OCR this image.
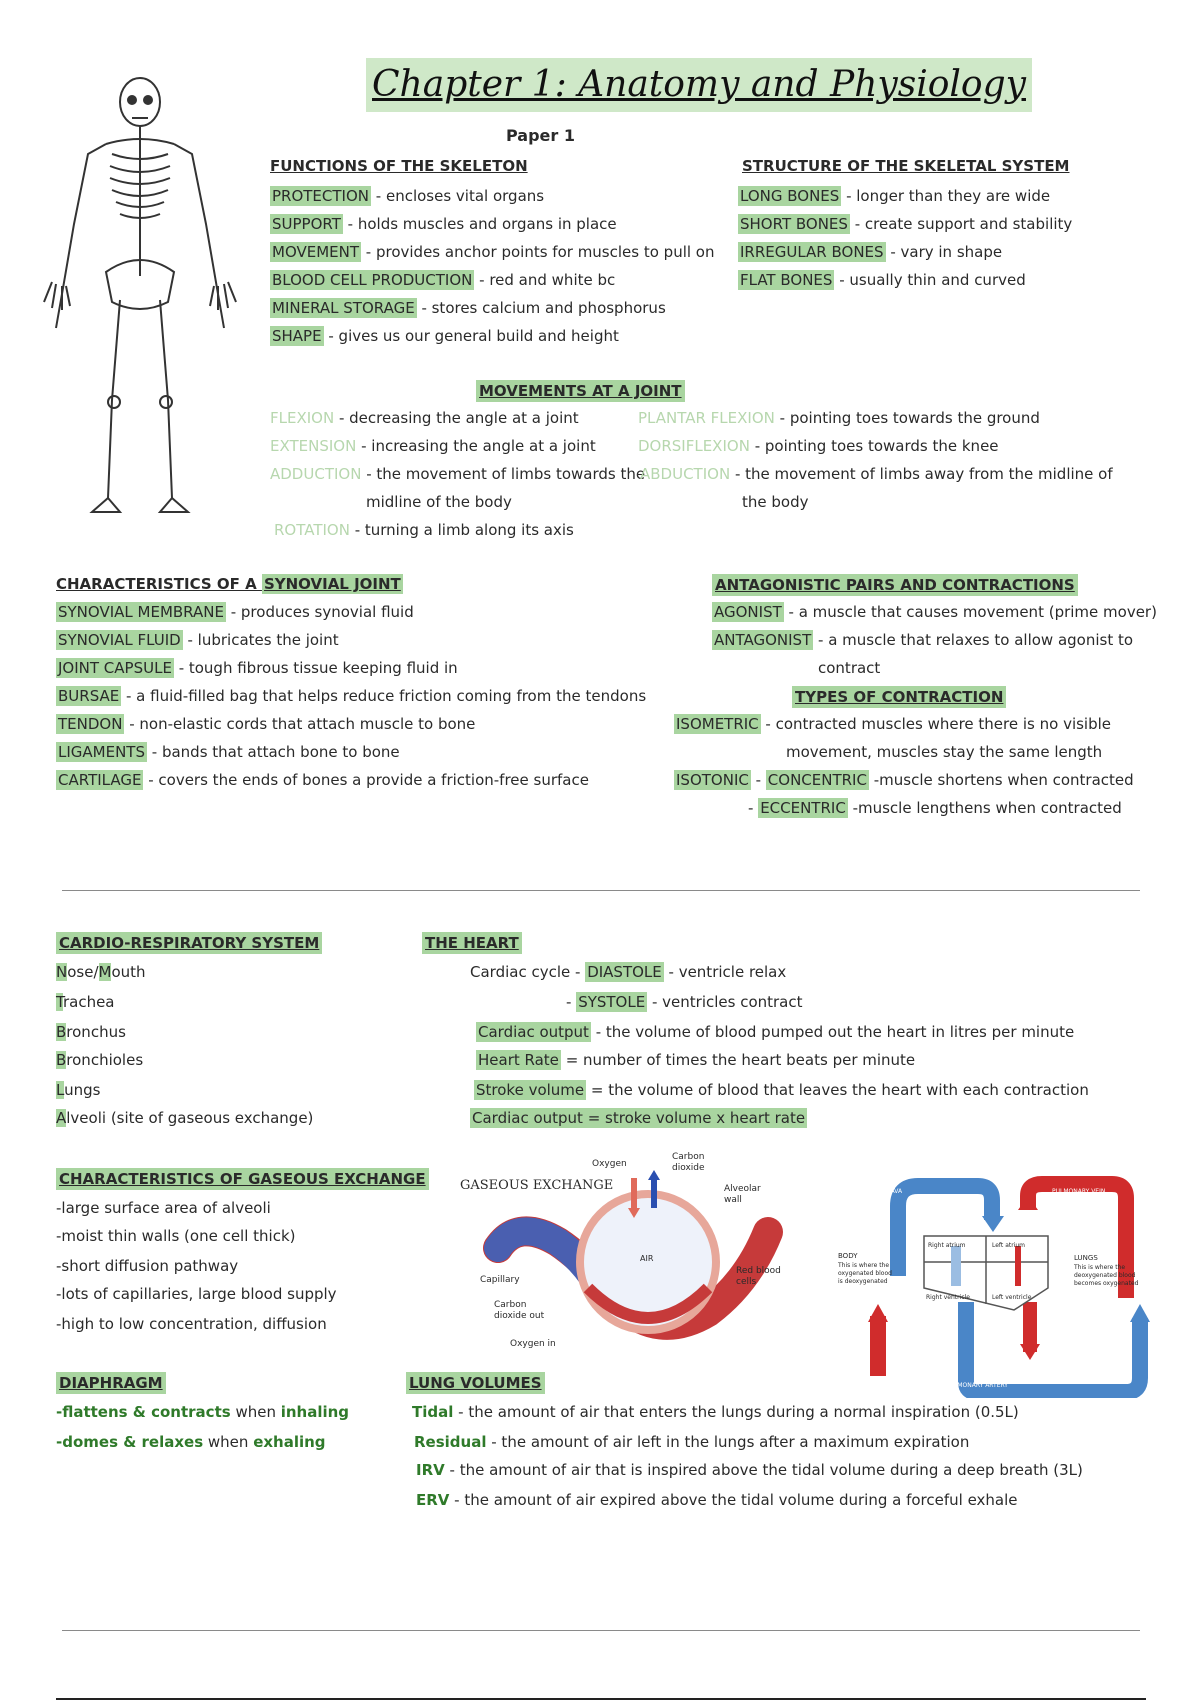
Chapter 1: Anatomy and Physiology
Paper 1
FUNCTIONS OF THE SKELETON
PROTECTION - encloses vital organs
SUPPORT - holds muscles and organs in place
MOVEMENT - provides anchor points for muscles to pull on
BLOOD CELL PRODUCTION - red and white bc
MINERAL STORAGE - stores calcium and phosphorus
SHAPE - gives us our general build and height
STRUCTURE OF THE SKELETAL SYSTEM
LONG BONES - longer than they are wide
SHORT BONES - create support and stability
IRREGULAR BONES - vary in shape
FLAT BONES - usually thin and curved
MOVEMENTS AT A JOINT
FLEXION - decreasing the angle at a joint
EXTENSION - increasing the angle at a joint
ADDUCTION - the movement of limbs towards the
midline of the body
ROTATION - turning a limb along its axis
PLANTAR FLEXION - pointing toes towards the ground
DORSIFLEXION - pointing toes towards the knee
ABDUCTION - the movement of limbs away from the midline of
the body
CHARACTERISTICS OF A SYNOVIAL JOINT
SYNOVIAL MEMBRANE - produces synovial fluid
SYNOVIAL FLUID - lubricates the joint
JOINT CAPSULE - tough fibrous tissue keeping fluid in
BURSAE - a fluid-filled bag that helps reduce friction coming from the tendons
TENDON - non-elastic cords that attach muscle to bone
LIGAMENTS - bands that attach bone to bone
CARTILAGE - covers the ends of bones a provide a friction-free surface
ANTAGONISTIC PAIRS AND CONTRACTIONS
AGONIST - a muscle that causes movement (prime mover)
ANTAGONIST - a muscle that relaxes to allow agonist to
contract
TYPES OF CONTRACTION
ISOMETRIC - contracted muscles where there is no visible
movement, muscles stay the same length
ISOTONIC - CONCENTRIC -muscle shortens when contracted
- ECCENTRIC -muscle lengthens when contracted
CARDIO-RESPIRATORY SYSTEM
Nose/Mouth
Trachea
Bronchus
Bronchioles
Lungs
Alveoli (site of gaseous exchange)
THE HEART
Cardiac cycle - DIASTOLE - ventricle relax
- SYSTOLE - ventricles contract
Cardiac output - the volume of blood pumped out the heart in litres per minute
Heart Rate = number of times the heart beats per minute
Stroke volume = the volume of blood that leaves the heart with each contraction
Cardiac output = stroke volume x heart rate
CHARACTERISTICS OF GASEOUS EXCHANGE
-large surface area of alveoli
-moist thin walls (one cell thick)
-short diffusion pathway
-lots of capillaries, large blood supply
-high to low concentration, diffusion
GASEOUS EXCHANGE
Oxygen
Carbon dioxide
Alveolar wall
AIR
Capillary
Red blood cells
Carbon dioxide out
Oxygen in
VENA CAVA	PULMONARY VEIN
BODY
This is where the oxygenated blood is deoxygenated
LUNGS
This is where the deoxygenated blood becomes oxygenated
Right atrium	Left atrium
Right ventricle	Left ventricle
AORTA	PULMONARY ARTERY
DIAPHRAGM
-flattens & contracts when inhaling
-domes & relaxes when exhaling
LUNG VOLUMES
Tidal - the amount of air that enters the lungs during a normal inspiration (0.5L)
Residual - the amount of air left in the lungs after a maximum expiration
IRV - the amount of air that is inspired above the tidal volume during a deep breath (3L)
ERV - the amount of air expired above the tidal volume during a forceful exhale
